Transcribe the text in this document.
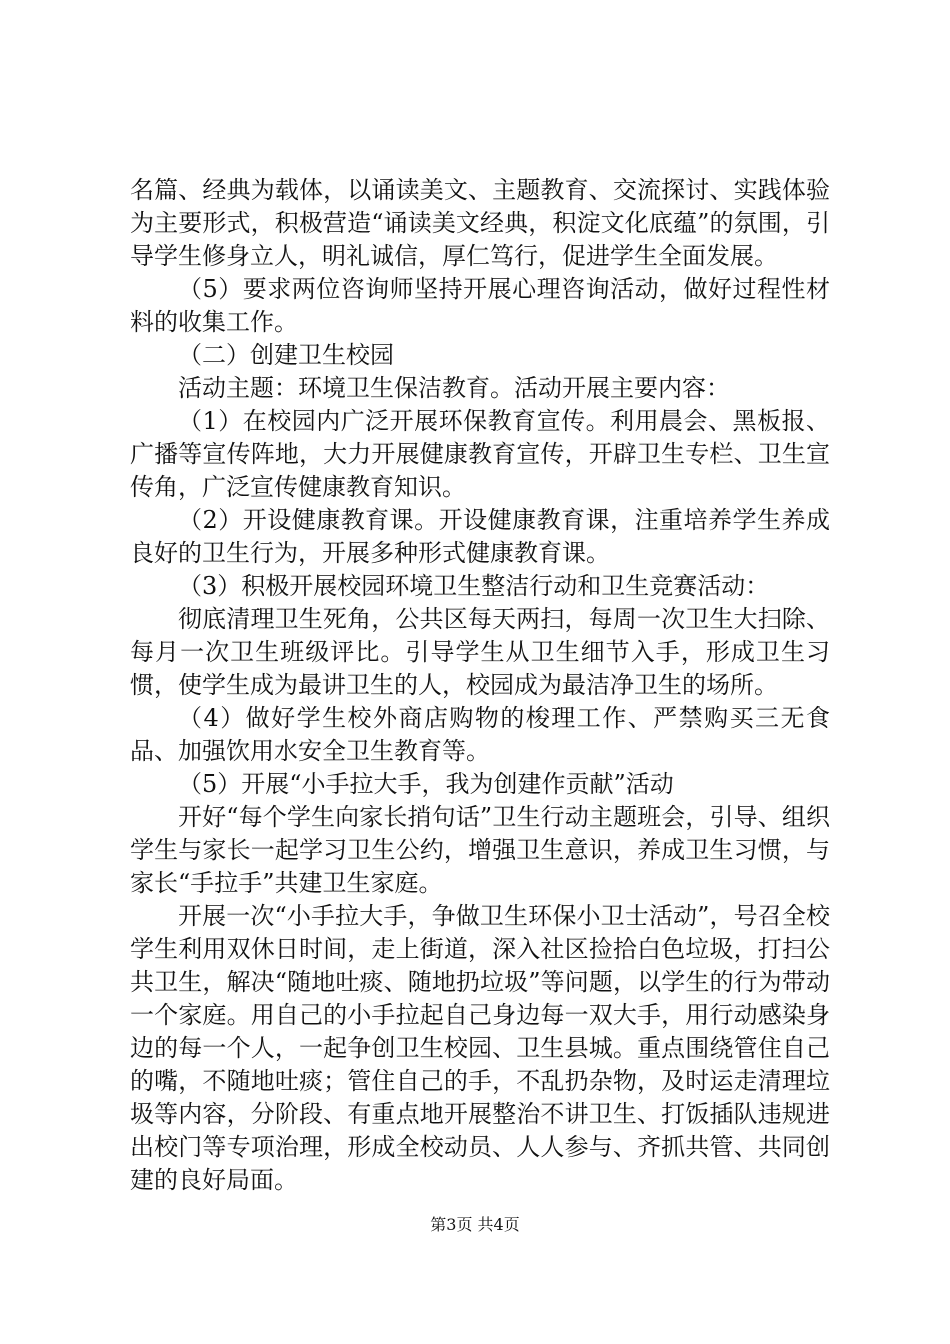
名篇、经典为载体，以诵读美文、主题教育、交流探讨、实践体验为主要形式，积极营造“诵读美文经典，积淀文化底蕴”的氛围，引导学生修身立人，明礼诚信，厚仁笃行，促进学生全面发展。

（5）要求两位咨询师坚持开展心理咨询活动，做好过程性材料的收集工作。

（二）创建卫生校园

活动主题：环境卫生保洁教育。活动开展主要内容：

（1）在校园内广泛开展环保教育宣传。利用晨会、黑板报、广播等宣传阵地，大力开展健康教育宣传，开辟卫生专栏、卫生宣传角，广泛宣传健康教育知识。

（2）开设健康教育课。开设健康教育课，注重培养学生养成良好的卫生行为，开展多种形式健康教育课。

（3）积极开展校园环境卫生整洁行动和卫生竞赛活动：

彻底清理卫生死角，公共区每天两扫，每周一次卫生大扫除、每月一次卫生班级评比。引导学生从卫生细节入手，形成卫生习惯，使学生成为最讲卫生的人，校园成为最洁净卫生的场所。

（4）做好学生校外商店购物的梭理工作、严禁购买三无食品、加强饮用水安全卫生教育等。

（5）开展“小手拉大手，我为创建作贡献”活动

开好“每个学生向家长捎句话”卫生行动主题班会，引导、组织学生与家长一起学习卫生公约，增强卫生意识，养成卫生习惯，与家长“手拉手”共建卫生家庭。

开展一次“小手拉大手，争做卫生环保小卫士活动”，号召全校学生利用双休日时间，走上街道，深入社区捡拾白色垃圾，打扫公共卫生，解决“随地吐痰、随地扔垃圾”等问题，以学生的行为带动一个家庭。用自己的小手拉起自己身边每一双大手，用行动感染身边的每一个人，一起争创卫生校园、卫生县城。重点围绕管住自己的嘴，不随地吐痰；管住自己的手，不乱扔杂物，及时运走清理垃圾等内容，分阶段、有重点地开展整治不讲卫生、打饭插队违规进出校门等专项治理，形成全校动员、人人参与、齐抓共管、共同创建的良好局面。

第3页 共4页
